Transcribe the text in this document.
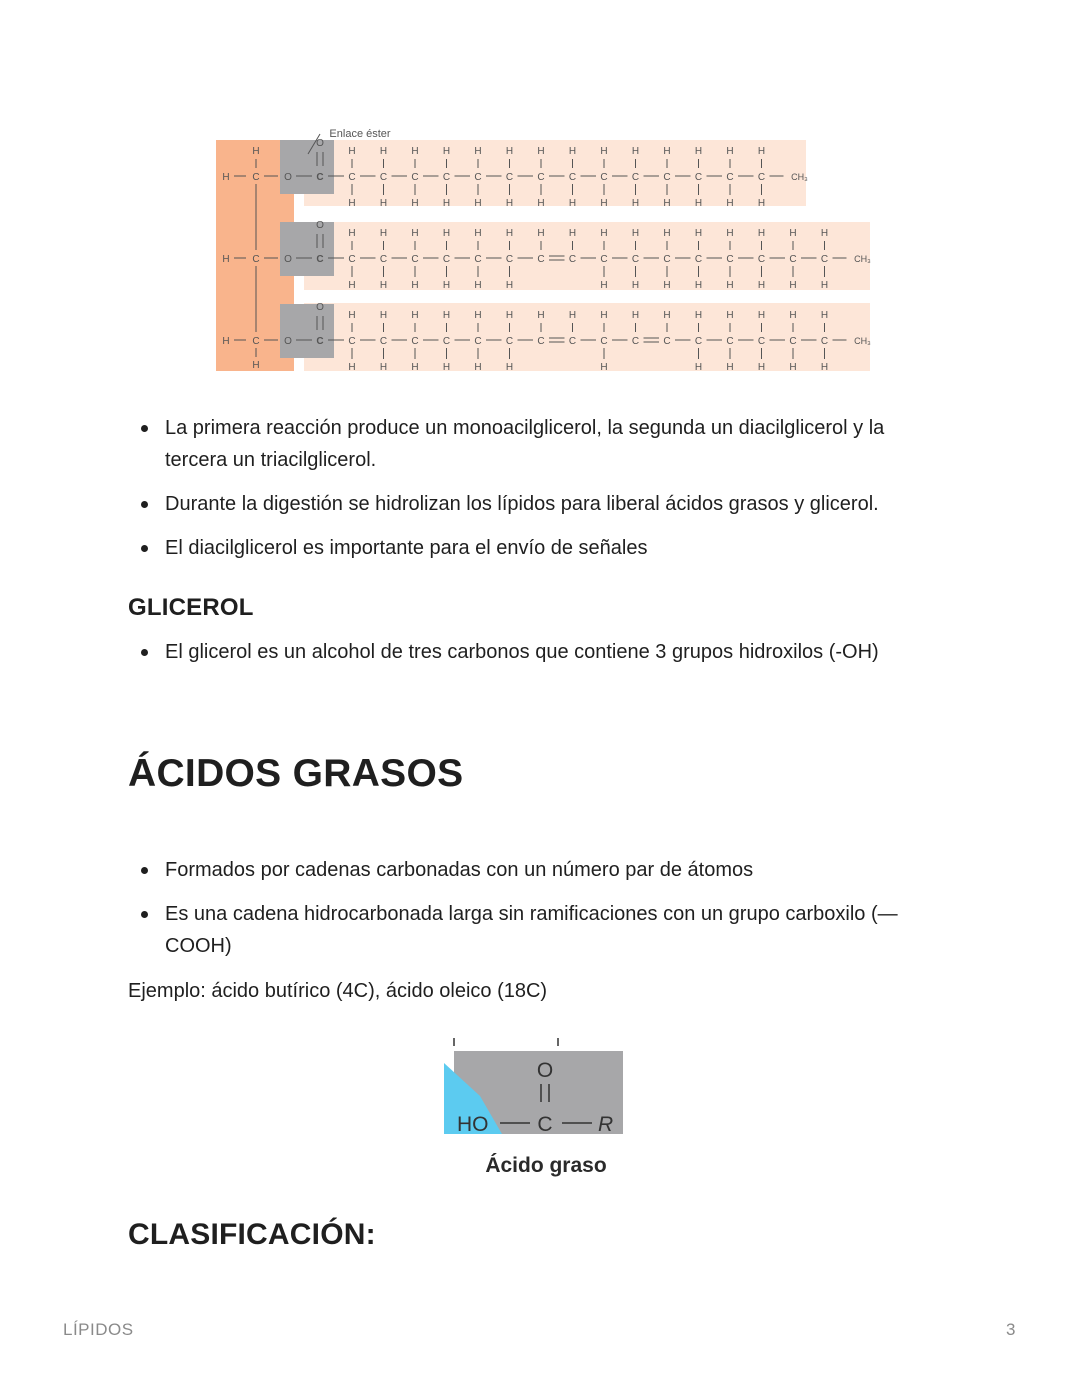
Enlace éster
H C
H
O C
O
C
H
H
C
H
H
C
H
H
C
H
H
C
H
H
C
H
H
C
H
H
C
H
H
C
H
H
C
H
H
C
H
H
C
H
H
C
H
H
C
H
H
CH₃
H C O C
O
C
H
H
C
H
H
C
H
H
C
H
H
C
H
H
C
H
H
C
H
C
H
C
H
H
C
H
H
C
H
H
C
H
H
C
H
H
C
H
H
C
H
H
C
H
H
CH₃
H C
H
O C
O
C
H
H
C
H
H
C
H
H
C
H
H
C
H
H
C
H
H
C
H
C
H
C
H
H
C
H
C
H
C
H
H
C
H
H
C
H
H
C
H
H
C
H
H
CH₃
La primera reacción produce un monoacilglicerol, la segunda un diacilglicerol y la tercera un triacilglicerol.
Durante la digestión se hidrolizan los lípidos para liberal ácidos grasos y glicerol.
El diacilglicerol es importante para el envío de señales
GLICEROL
El glicerol es un alcohol de tres carbonos que contiene 3 grupos hidroxilos (-OH)
ÁCIDOS GRASOS
Formados por cadenas carbonadas con un número par de átomos
Es una cadena hidrocarbonada larga sin ramificaciones con un grupo carboxilo (—COOH)
Ejemplo: ácido butírico (4C), ácido oleico (18C)
O
HO C R
Ácido graso
CLASIFICACIÓN:
LÍPIDOS	3
